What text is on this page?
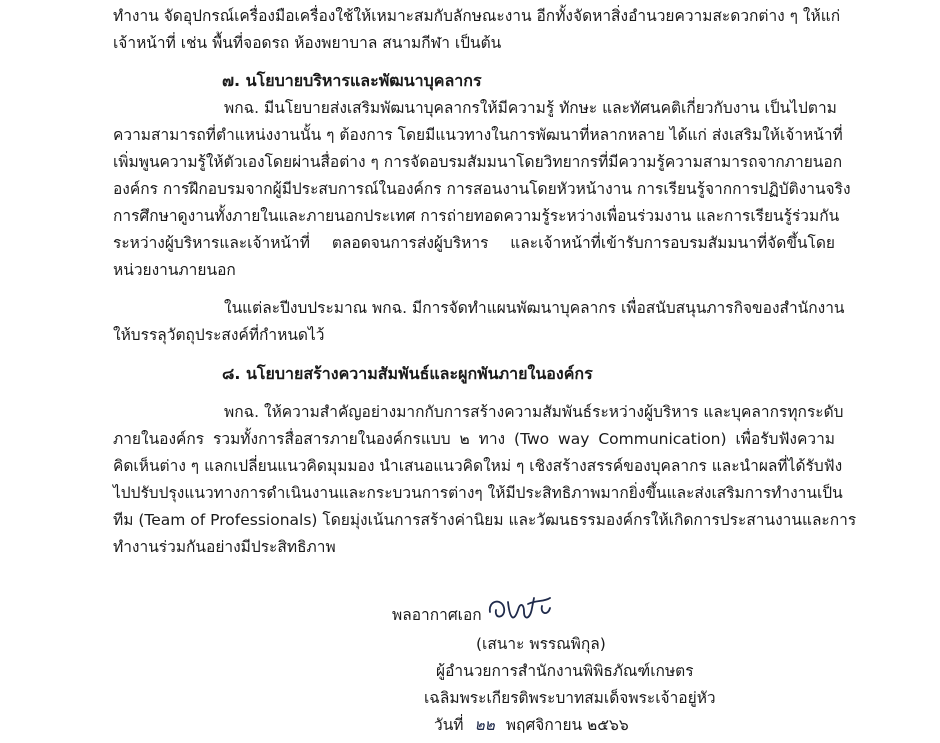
ทำงาน จัดอุปกรณ์เครื่องมือเครื่องใช้ให้เหมาะสมกับลักษณะงาน อีกทั้งจัดหาสิ่งอำนวยความสะดวกต่าง ๆ ให้แก่
เจ้าหน้าที่ เช่น พื้นที่จอดรถ ห้องพยาบาล สนามกีฬา เป็นต้น
๗. นโยบายบริหารและพัฒนาบุคลากร
พกฉ. มีนโยบายส่งเสริมพัฒนาบุคลากรให้มีความรู้ ทักษะ และทัศนคติเกี่ยวกับงาน เป็นไปตาม
ความสามารถที่ตำแหน่งงานนั้น ๆ ต้องการ โดยมีแนวทางในการพัฒนาที่หลากหลาย ได้แก่ ส่งเสริมให้เจ้าหน้าที่
เพิ่มพูนความรู้ให้ตัวเองโดยผ่านสื่อต่าง ๆ การจัดอบรมสัมมนาโดยวิทยากรที่มีความรู้ความสามารถจากภายนอก
องค์กร การฝึกอบรมจากผู้มีประสบการณ์ในองค์กร การสอนงานโดยหัวหน้างาน การเรียนรู้จากการปฏิบัติงานจริง
การศึกษาดูงานทั้งภายในและภายนอกประเทศ การถ่ายทอดความรู้ระหว่างเพื่อนร่วมงาน และการเรียนรู้ร่วมกัน
ระหว่างผู้บริหารและเจ้าหน้าที่ ตลอดจนการส่งผู้บริหาร และเจ้าหน้าที่เข้ารับการอบรมสัมมนาที่จัดขึ้นโดย
หน่วยงานภายนอก
ในแต่ละปีงบประมาณ พกฉ. มีการจัดทำแผนพัฒนาบุคลากร เพื่อสนับสนุนภารกิจของสำนักงาน
ให้บรรลุวัตถุประสงค์ที่กำหนดไว้
๘. นโยบายสร้างความสัมพันธ์และผูกพันภายในองค์กร
พกฉ. ให้ความสำคัญอย่างมากกับการสร้างความสัมพันธ์ระหว่างผู้บริหาร และบุคลากรทุกระดับ
ภายในองค์กร รวมทั้งการสื่อสารภายในองค์กรแบบ ๒ ทาง (Two way Communication) เพื่อรับฟังความ
คิดเห็นต่าง ๆ แลกเปลี่ยนแนวคิดมุมมอง นำเสนอแนวคิดใหม่ ๆ เชิงสร้างสรรค์ของบุคลากร และนำผลที่ได้รับฟัง
ไปปรับปรุงแนวทางการดำเนินงานและกระบวนการต่างๆ ให้มีประสิทธิภาพมากยิ่งขึ้นและส่งเสริมการทำงานเป็น
ทีม (Team of Professionals) โดยมุ่งเน้นการสร้างค่านิยม และวัฒนธรรมองค์กรให้เกิดการประสานงานและการ
ทำงานร่วมกันอย่างมีประสิทธิภาพ
พลอากาศเอก
(เสนาะ พรรณพิกุล)
ผู้อำนวยการสำนักงานพิพิธภัณฑ์เกษตร
เฉลิมพระเกียรติพระบาทสมเด็จพระเจ้าอยู่หัว
วันที่ ๒๒ พฤศจิกายน ๒๕๖๖
